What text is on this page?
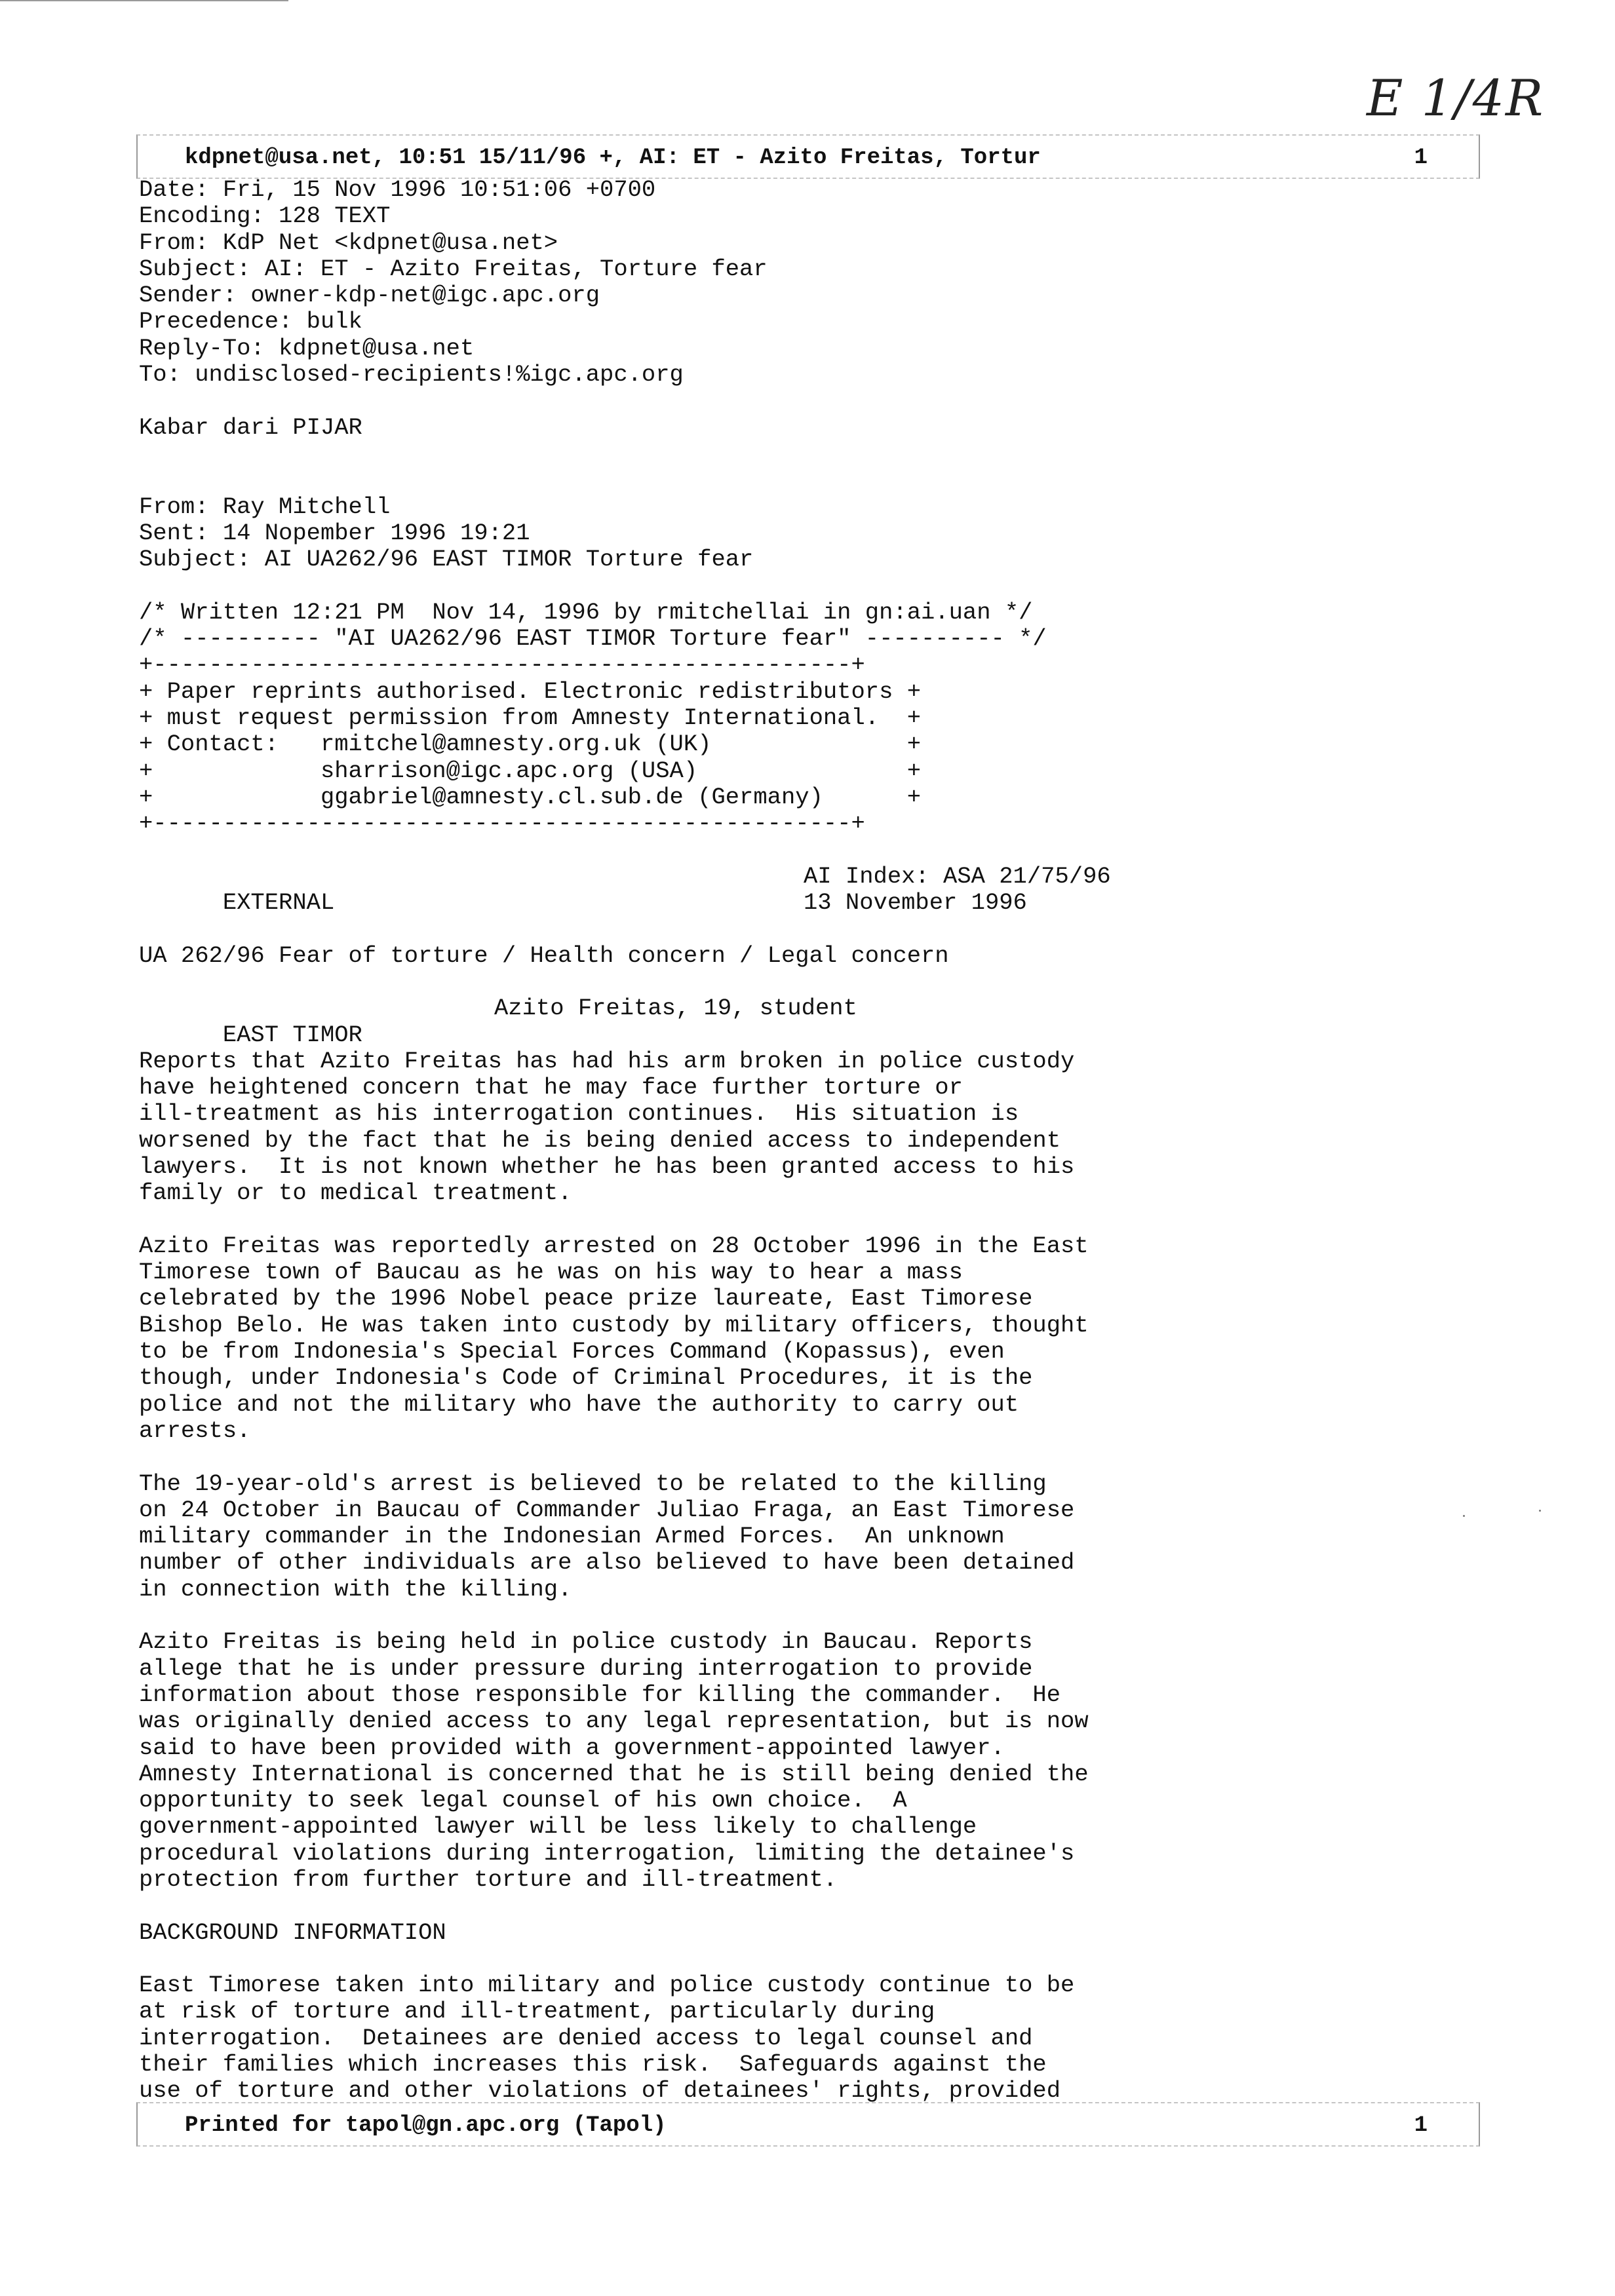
E 1/4R
kdpnet@usa.net, 10:51 15/11/96 +, AI: ET - Azito Freitas, Tortur	1
Date: Fri, 15 Nov 1996 10:51:06 +0700
Encoding: 128 TEXT
From: KdP Net <kdpnet@usa.net>
Subject: AI: ET - Azito Freitas, Torture fear
Sender: owner-kdp-net@igc.apc.org
Precedence: bulk
Reply-To: kdpnet@usa.net
To: undisclosed-recipients!%igc.apc.org
Kabar dari PIJAR
From: Ray Mitchell
Sent: 14 Nopember 1996 19:21
Subject: AI UA262/96 EAST TIMOR Torture fear
/* Written 12:21 PM  Nov 14, 1996 by rmitchellai in gn:ai.uan */
/* ---------- "AI UA262/96 EAST TIMOR Torture fear" ---------- */
+--------------------------------------------------+
+ Paper reprints authorised. Electronic redistributors +
+ must request permission from Amnesty International.  +
+ Contact:   rmitchel@amnesty.org.uk (UK)              +
+            sharrison@igc.apc.org (USA)               +
+            ggabriel@amnesty.cl.sub.de (Germany)      +
+--------------------------------------------------+

EXTERNAL

AI Index: ASA 21/75/96

13 November 1996

UA 262/96 Fear of torture / Health concern / Legal concern

EAST TIMOR

Azito Freitas, 19, student

Reports that Azito Freitas has had his arm broken in police custody
have heightened concern that he may face further torture or
ill-treatment as his interrogation continues.  His situation is
worsened by the fact that he is being denied access to independent
lawyers.  It is not known whether he has been granted access to his
family or to medical treatment.
Azito Freitas was reportedly arrested on 28 October 1996 in the East
Timorese town of Baucau as he was on his way to hear a mass
celebrated by the 1996 Nobel peace prize laureate, East Timorese
Bishop Belo. He was taken into custody by military officers, thought
to be from Indonesia's Special Forces Command (Kopassus), even
though, under Indonesia's Code of Criminal Procedures, it is the
police and not the military who have the authority to carry out
arrests.
The 19-year-old's arrest is believed to be related to the killing
on 24 October in Baucau of Commander Juliao Fraga, an East Timorese
military commander in the Indonesian Armed Forces.  An unknown
number of other individuals are also believed to have been detained
in connection with the killing.
Azito Freitas is being held in police custody in Baucau. Reports
allege that he is under pressure during interrogation to provide
information about those responsible for killing the commander.  He
was originally denied access to any legal representation, but is now
said to have been provided with a government-appointed lawyer.
Amnesty International is concerned that he is still being denied the
opportunity to seek legal counsel of his own choice.  A
government-appointed lawyer will be less likely to challenge
procedural violations during interrogation, limiting the detainee's
protection from further torture and ill-treatment.
BACKGROUND INFORMATION
East Timorese taken into military and police custody continue to be
at risk of torture and ill-treatment, particularly during
interrogation.  Detainees are denied access to legal counsel and
their families which increases this risk.  Safeguards against the
use of torture and other violations of detainees' rights, provided
Printed for tapol@gn.apc.org (Tapol)	1
